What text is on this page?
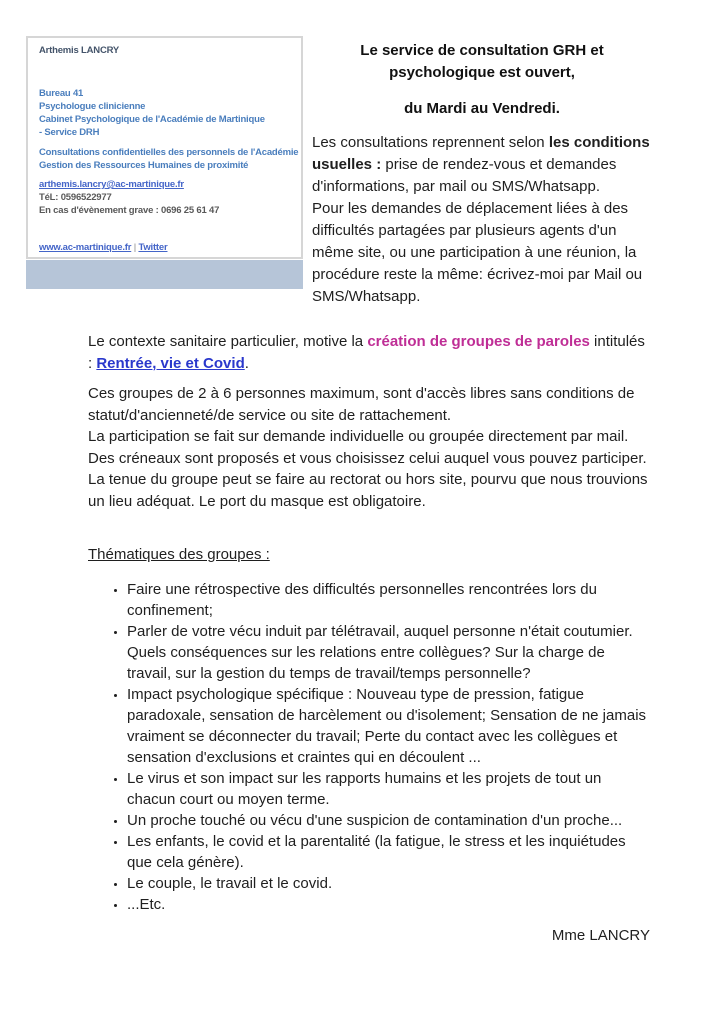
Arthemis LANCRY
Bureau 41
Psychologue clinicienne
Cabinet Psychologique de l'Académie de Martinique
- Service DRH
Consultations confidentielles des personnels de l'Académie
Gestion des Ressources Humaines de proximité
arthemis.lancry@ac-martinique.fr
TéL: 0596522977
En cas d'évènement grave : 0696 25 61 47
www.ac-martinique.fr | Twitter
Le service de consultation GRH et
psychologique est ouvert,
du Mardi au Vendredi.
Les consultations reprennent selon les conditions usuelles : prise de rendez-vous et demandes d'informations, par mail ou SMS/Whatsapp.
Pour les demandes de déplacement liées à des difficultés partagées par plusieurs agents d'un même site, ou une participation à une réunion, la procédure reste la même: écrivez-moi par Mail ou SMS/Whatsapp.

Le contexte sanitaire particulier, motive la création de groupes de paroles intitulés : Rentrée, vie et Covid.

Ces groupes de 2 à 6 personnes maximum, sont d'accès libres sans conditions de statut/d'ancienneté/de service ou site de rattachement.
La participation se fait sur demande individuelle ou groupée directement par mail.
Des créneaux sont proposés et vous choisissez celui auquel vous pouvez participer.
La tenue du groupe peut se faire au rectorat ou hors site, pourvu que nous trouvions un lieu adéquat. Le port du masque est obligatoire.
Thématiques des groupes :
• Faire une rétrospective des difficultés personnelles rencontrées lors du confinement;
• Parler de votre vécu induit par télétravail, auquel personne n'était coutumier. Quels conséquences sur les relations entre collègues? Sur la charge de travail, sur la gestion du temps de travail/temps personnelle?
• Impact psychologique spécifique : Nouveau type de pression, fatigue paradoxale, sensation de harcèlement ou d'isolement; Sensation de ne jamais vraiment se déconnecter du travail; Perte du contact avec les collègues et sensation d'exclusions et craintes qui en découlent ...
• Le virus et son impact sur les rapports humains et les projets de tout un chacun court ou moyen terme.
• Un proche touché ou vécu d'une suspicion de contamination d'un proche...
• Les enfants, le covid et la parentalité (la fatigue, le stress et les inquiétudes que cela génère).
• Le couple, le travail et le covid.
• ...Etc.
Mme LANCRY
